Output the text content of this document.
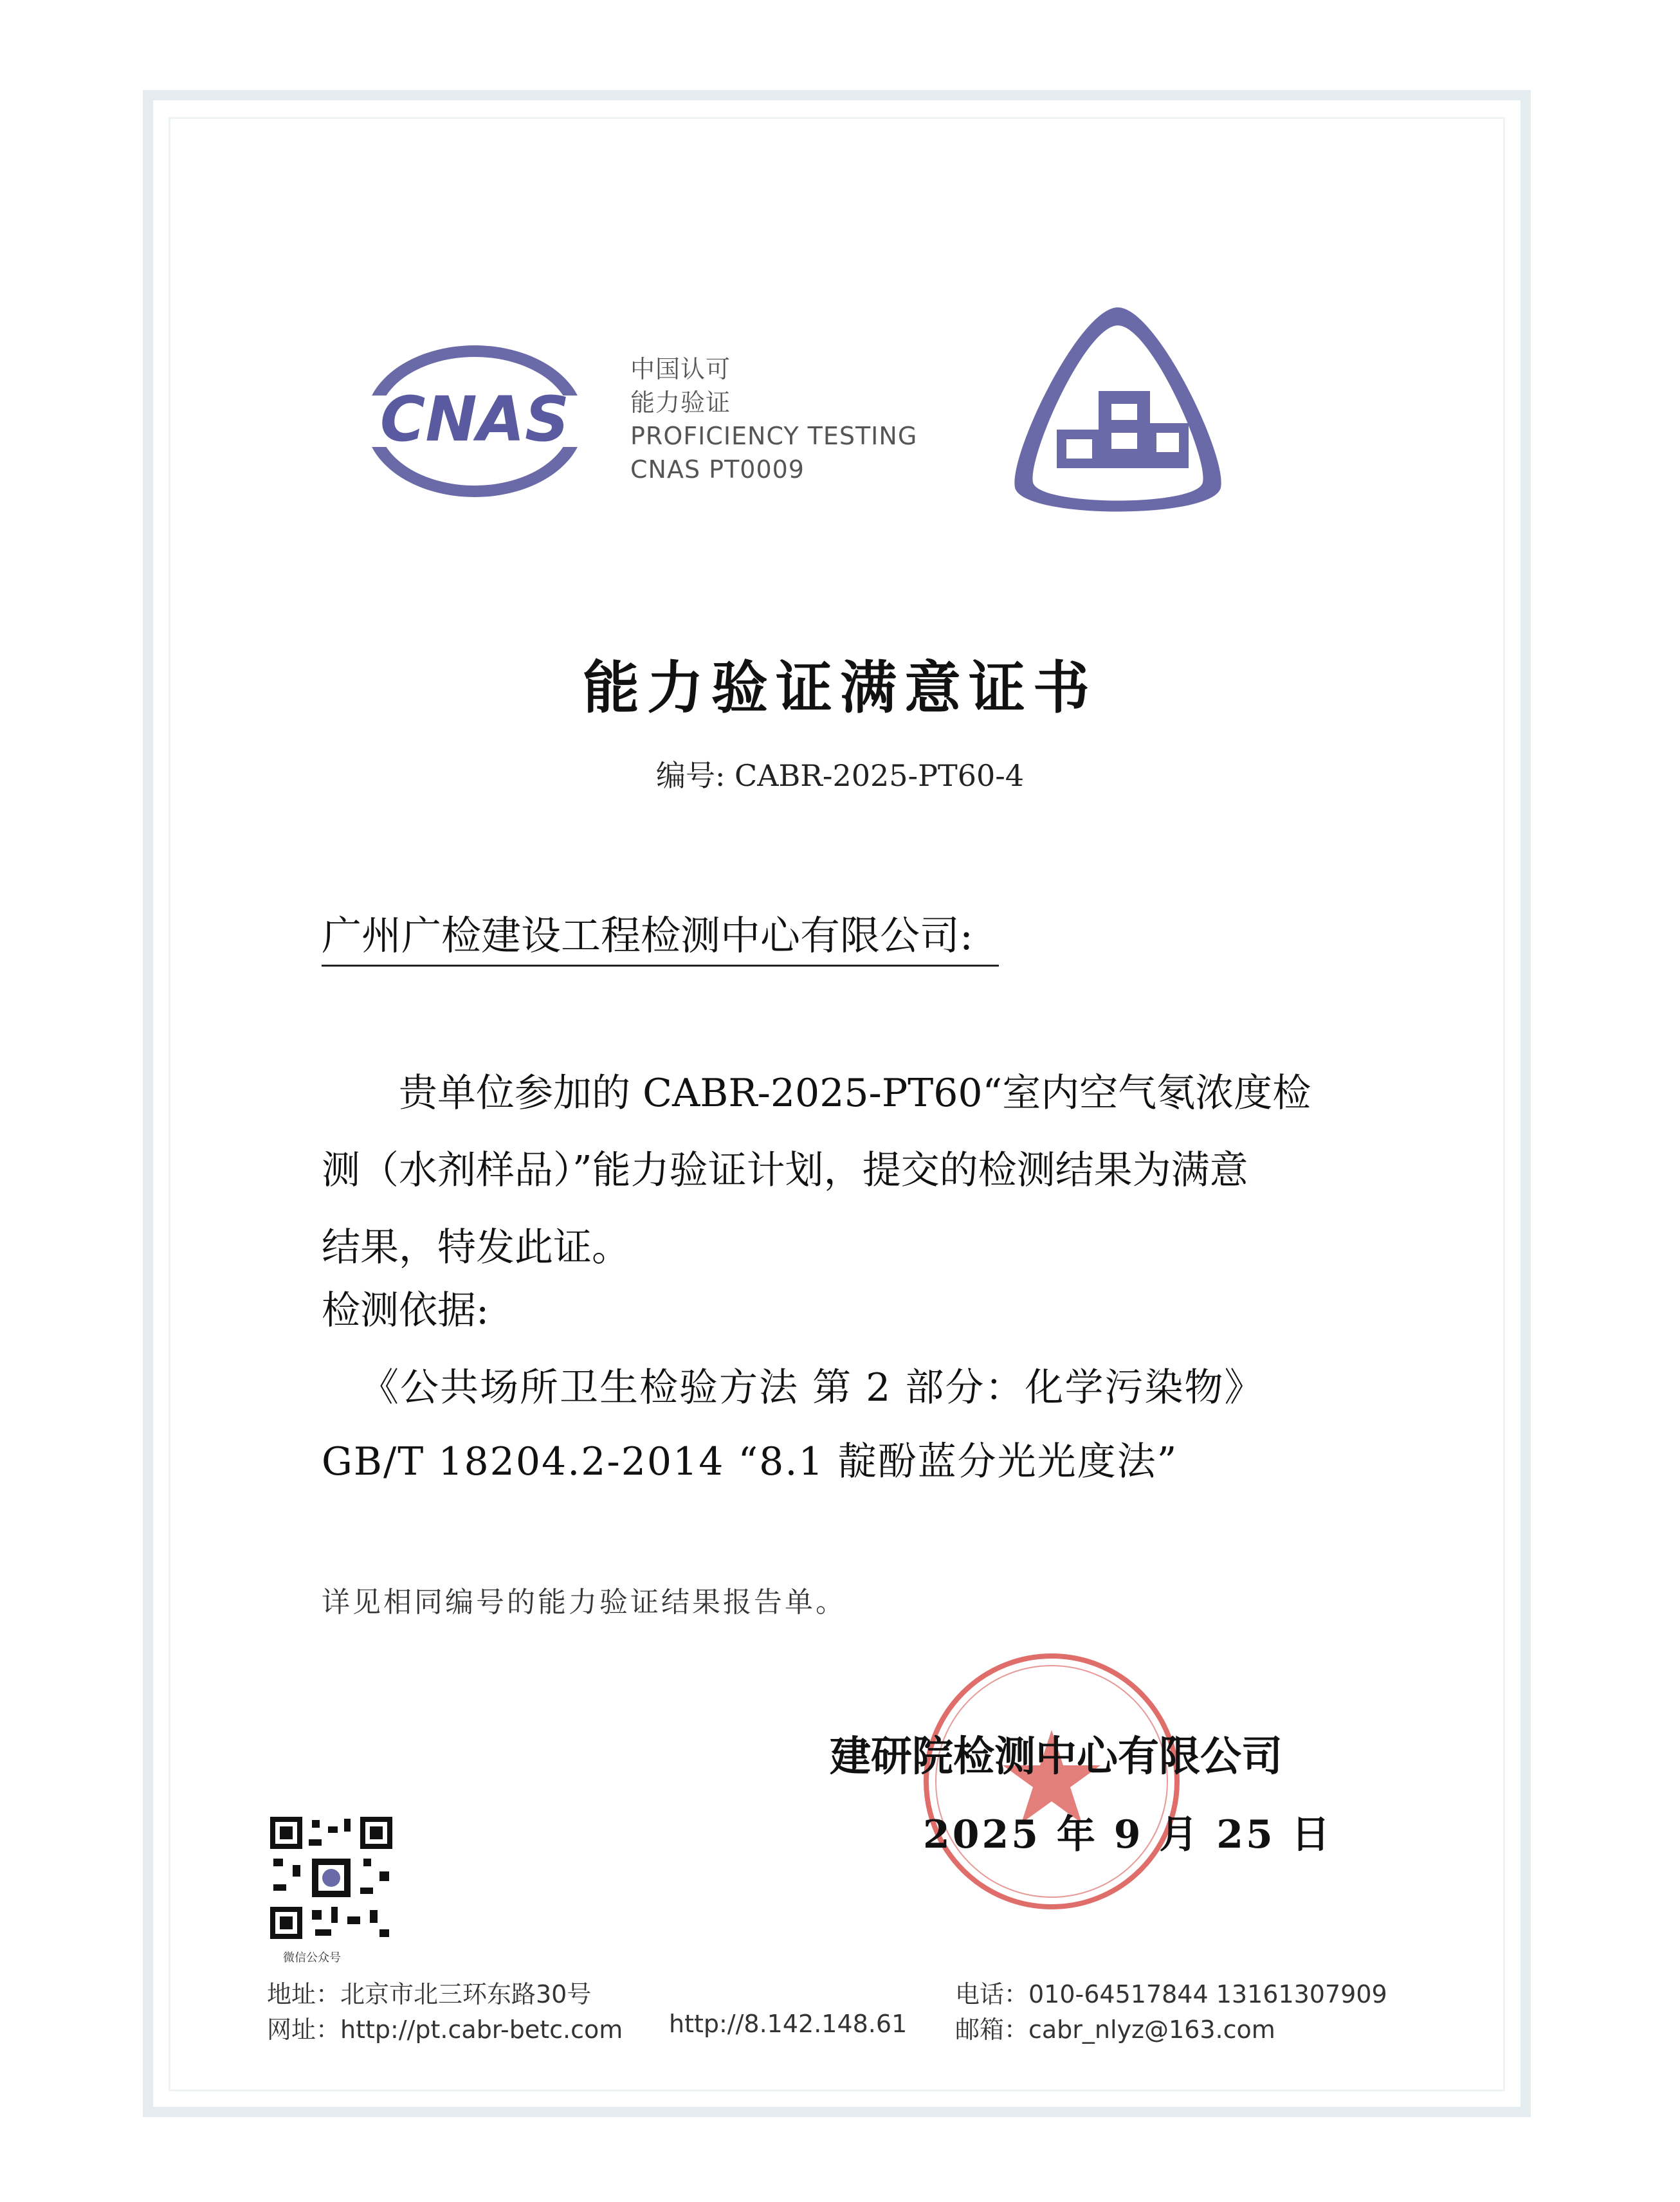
CNAS
中国认可
能力验证
PROFICIENCY TESTING
CNAS PT0009
能力验证满意证书
编号: CABR-2025-PT60-4
广州广检建设工程检测中心有限公司:
贵单位参加的 CABR-2025-PT60“室内空气氡浓度检
测（水剂样品）”能力验证计划，提交的检测结果为满意
结果，特发此证。
检测依据:
《公共场所卫生检验方法 第 2 部分：化学污染物》
GB/T 18204.2-2014 “8.1 靛酚蓝分光光度法”
详见相同编号的能力验证结果报告单。
建研院检测中心有限公司
2025 年 9 月 25 日
微信公众号
地址：北京市北三环东路30号
网址：http://pt.cabr-betc.com http://8.142.148.61
电话：010-64517844 13161307909
邮箱：cabr_nlyz@163.com
